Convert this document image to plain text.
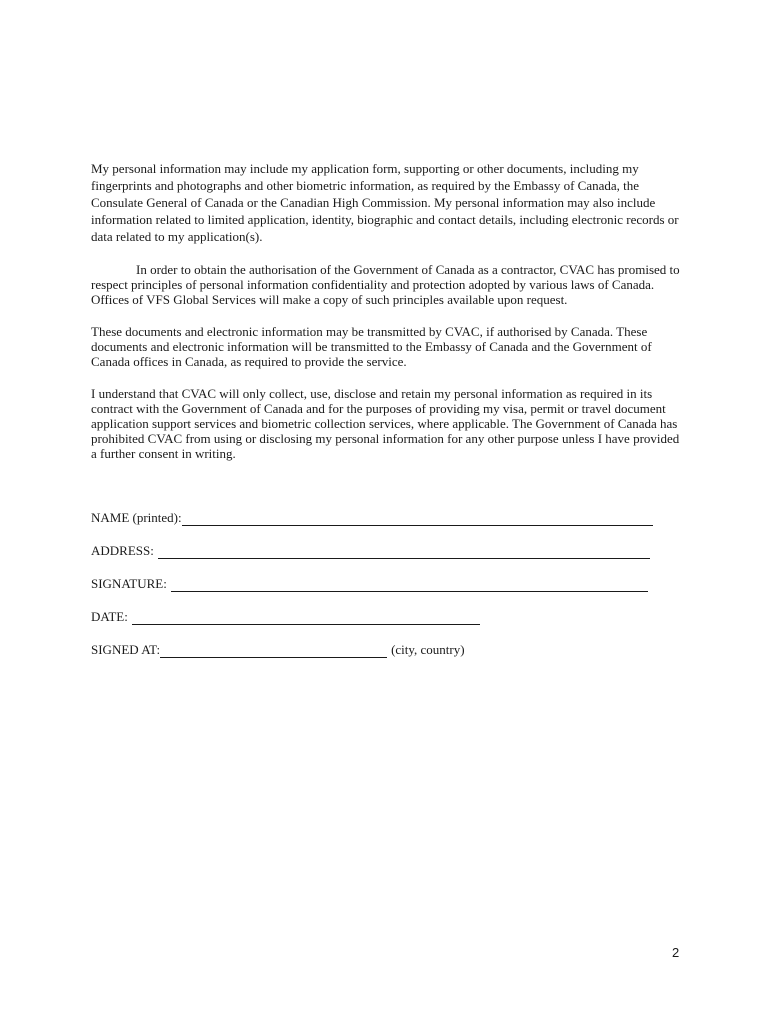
My personal information may include my application form, supporting or other documents, including my fingerprints and photographs and other biometric information, as required by the Embassy of Canada, the Consulate General of Canada or the Canadian High Commission. My personal information may also include information related to limited application, identity, biographic and contact details, including electronic records or data related to my application(s).

In order to obtain the authorisation of the Government of Canada as a contractor, CVAC has promised to respect principles of personal information confidentiality and protection adopted by various laws of Canada. Offices of VFS Global Services will make a copy of such principles available upon request.

These documents and electronic information may be transmitted by CVAC, if authorised by Canada. These documents and electronic information will be transmitted to the Embassy of Canada and the Government of Canada offices in Canada, as required to provide the service.

I understand that CVAC will only collect, use, disclose and retain my personal information as required in its contract with the Government of Canada and for the purposes of providing my visa, permit or travel document application support services and biometric collection services, where applicable. The Government of Canada has prohibited CVAC from using or disclosing my personal information for any other purpose unless I have provided a further consent in writing.

NAME (printed):
ADDRESS:
SIGNATURE:
DATE:
SIGNED AT:	(city, country)
2
